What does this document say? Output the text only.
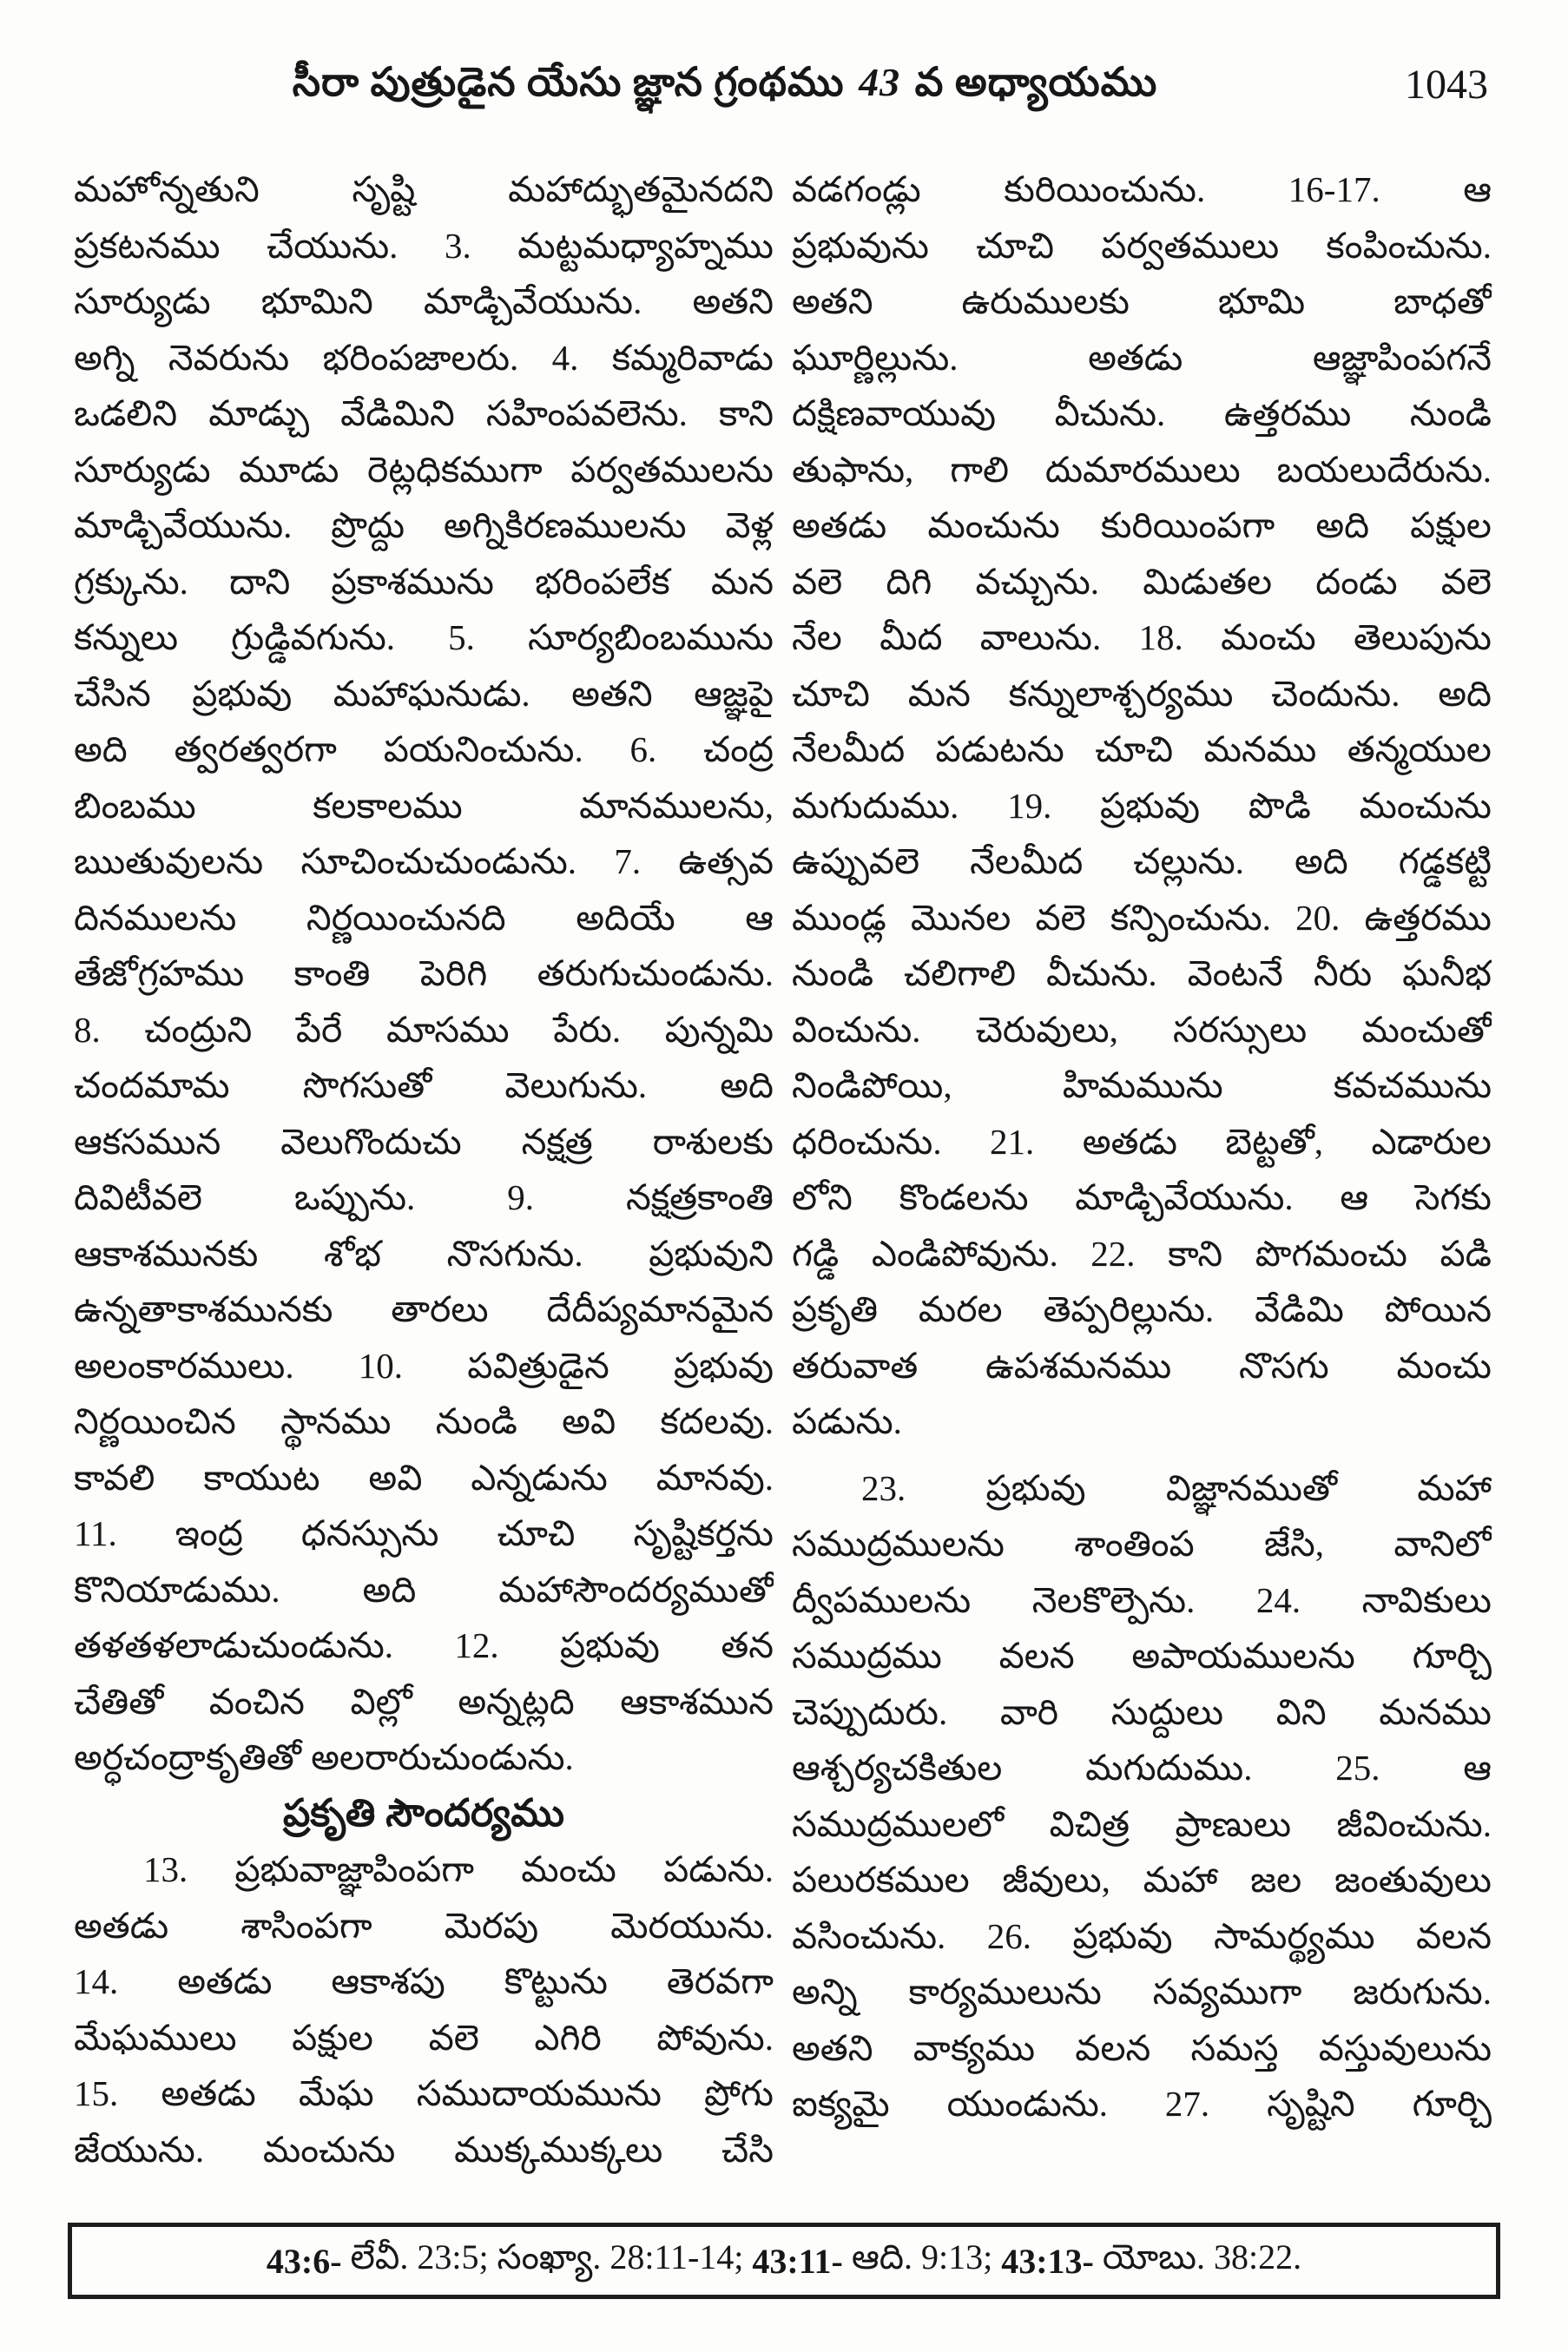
సీరా పుత్రుడైన యేసు జ్ఞాన గ్రంథము 43 వ అధ్యాయము	1043
మహోన్నతుని సృష్టి మహాద్భుతమైనదని
ప్రకటనము చేయును. 3. మట్టమధ్యాహ్నము
సూర్యుడు భూమిని మాడ్చివేయును. అతని
అగ్ని నెవరును భరింపజాలరు. 4. కమ్మరివాడు
ఒడలిని మాడ్చు వేడిమిని సహింపవలెను. కాని
సూర్యుడు మూడు రెట్లధికముగా పర్వతములను
మాడ్చివేయును. ప్రొద్దు అగ్నికిరణములను వెళ్ల
గ్రక్కును. దాని ప్రకాశమును భరింపలేక మన
కన్నులు గ్రుడ్డివగును. 5. సూర్యబింబమును
చేసిన ప్రభువు మహాఘనుడు. అతని ఆజ్ఞపై
అది త్వరత్వరగా పయనించును. 6. చంద్ర
బింబము కలకాలము మానములను,
ఋతువులను సూచించుచుండును. 7. ఉత్సవ
దినములను నిర్ణయించునది అదియే ఆ
తేజోగ్రహము కాంతి పెరిగి తరుగుచుండును.
8. చంద్రుని పేరే మాసము పేరు. పున్నమి
చందమామ సొగసుతో వెలుగును. అది
ఆకసమున వెలుగొందుచు నక్షత్ర రాశులకు
దివిటీవలె ఒప్పును. 9. నక్షత్రకాంతి
ఆకాశమునకు శోభ నొసగును. ప్రభువుని
ఉన్నతాకాశమునకు తారలు దేదీప్యమానమైన
అలంకారములు. 10. పవిత్రుడైన ప్రభువు
నిర్ణయించిన స్థానము నుండి అవి కదలవు.
కావలి కాయుట అవి ఎన్నడును మానవు.
11. ఇంద్ర ధనస్సును చూచి సృష్టికర్తను
కొనియాడుము. అది మహాసౌందర్యముతో
తళతళలాడుచుండును. 12. ప్రభువు తన
చేతితో వంచిన విల్లో అన్నట్లది ఆకాశమున
అర్ధచంద్రాకృతితో అలరారుచుండును.
ప్రకృతి సౌందర్యము
13. ప్రభువాజ్ఞాపింపగా మంచు పడును.
అతడు శాసింపగా మెరపు మెరయును.
14. అతడు ఆకాశపు కొట్టును తెరవగా
మేఘములు పక్షుల వలె ఎగిరి పోవును.
15. అతడు మేఘ సముదాయమును ప్రోగు
జేయును. మంచును ముక్కముక్కలు చేసి
వడగండ్లు కురియించును. 16-17. ఆ
ప్రభువును చూచి పర్వతములు కంపించును.
అతని ఉరుములకు భూమి బాధతో
ఘూర్ణిల్లును. అతడు ఆజ్ఞాపింపగనే
దక్షిణవాయువు వీచును. ఉత్తరము నుండి
తుఫాను, గాలి దుమారములు బయలుదేరును.
అతడు మంచును కురియింపగా అది పక్షుల
వలె దిగి వచ్చును. మిడుతల దండు వలె
నేల మీద వాలును. 18. మంచు తెలుపును
చూచి మన కన్నులాశ్చర్యము చెందును. అది
నేలమీద పడుటను చూచి మనము తన్మయుల
మగుదుము. 19. ప్రభువు పొడి మంచును
ఉప్పువలె నేలమీద చల్లును. అది గడ్డకట్టి
ముండ్ల మొనల వలె కన్పించును. 20. ఉత్తరము
నుండి చలిగాలి వీచును. వెంటనే నీరు ఘనీభ
వించును. చెరువులు, సరస్సులు మంచుతో
నిండిపోయి, హిమమును కవచమును
ధరించును. 21. అతడు బెట్టతో, ఎడారుల
లోని కొండలను మాడ్చివేయును. ఆ సెగకు
గడ్డి ఎండిపోవును. 22. కాని పొగమంచు పడి
ప్రకృతి మరల తెప్పరిల్లును. వేడిమి పోయిన
తరువాత ఉపశమనము నొసగు మంచు
పడును.
23. ప్రభువు విజ్ఞానముతో మహా
సముద్రములను శాంతింప జేసి, వానిలో
ద్వీపములను నెలకొల్పెను. 24. నావికులు
సముద్రము వలన అపాయములను గూర్చి
చెప్పుదురు. వారి సుద్దులు విని మనము
ఆశ్చర్యచకితుల మగుదుము. 25. ఆ
సముద్రములలో విచిత్ర ప్రాణులు జీవించును.
పలురకముల జీవులు, మహా జల జంతువులు
వసించును. 26. ప్రభువు సామర్థ్యము వలన
అన్ని కార్యములును సవ్యముగా జరుగును.
అతని వాక్యము వలన సమస్త వస్తువులును
ఐక్యమై యుండును. 27. సృష్టిని గూర్చి
43:6- లేవీ. 23:5; సంఖ్యా. 28:11-14; 43:11- ఆది. 9:13; 43:13- యోబు. 38:22.
